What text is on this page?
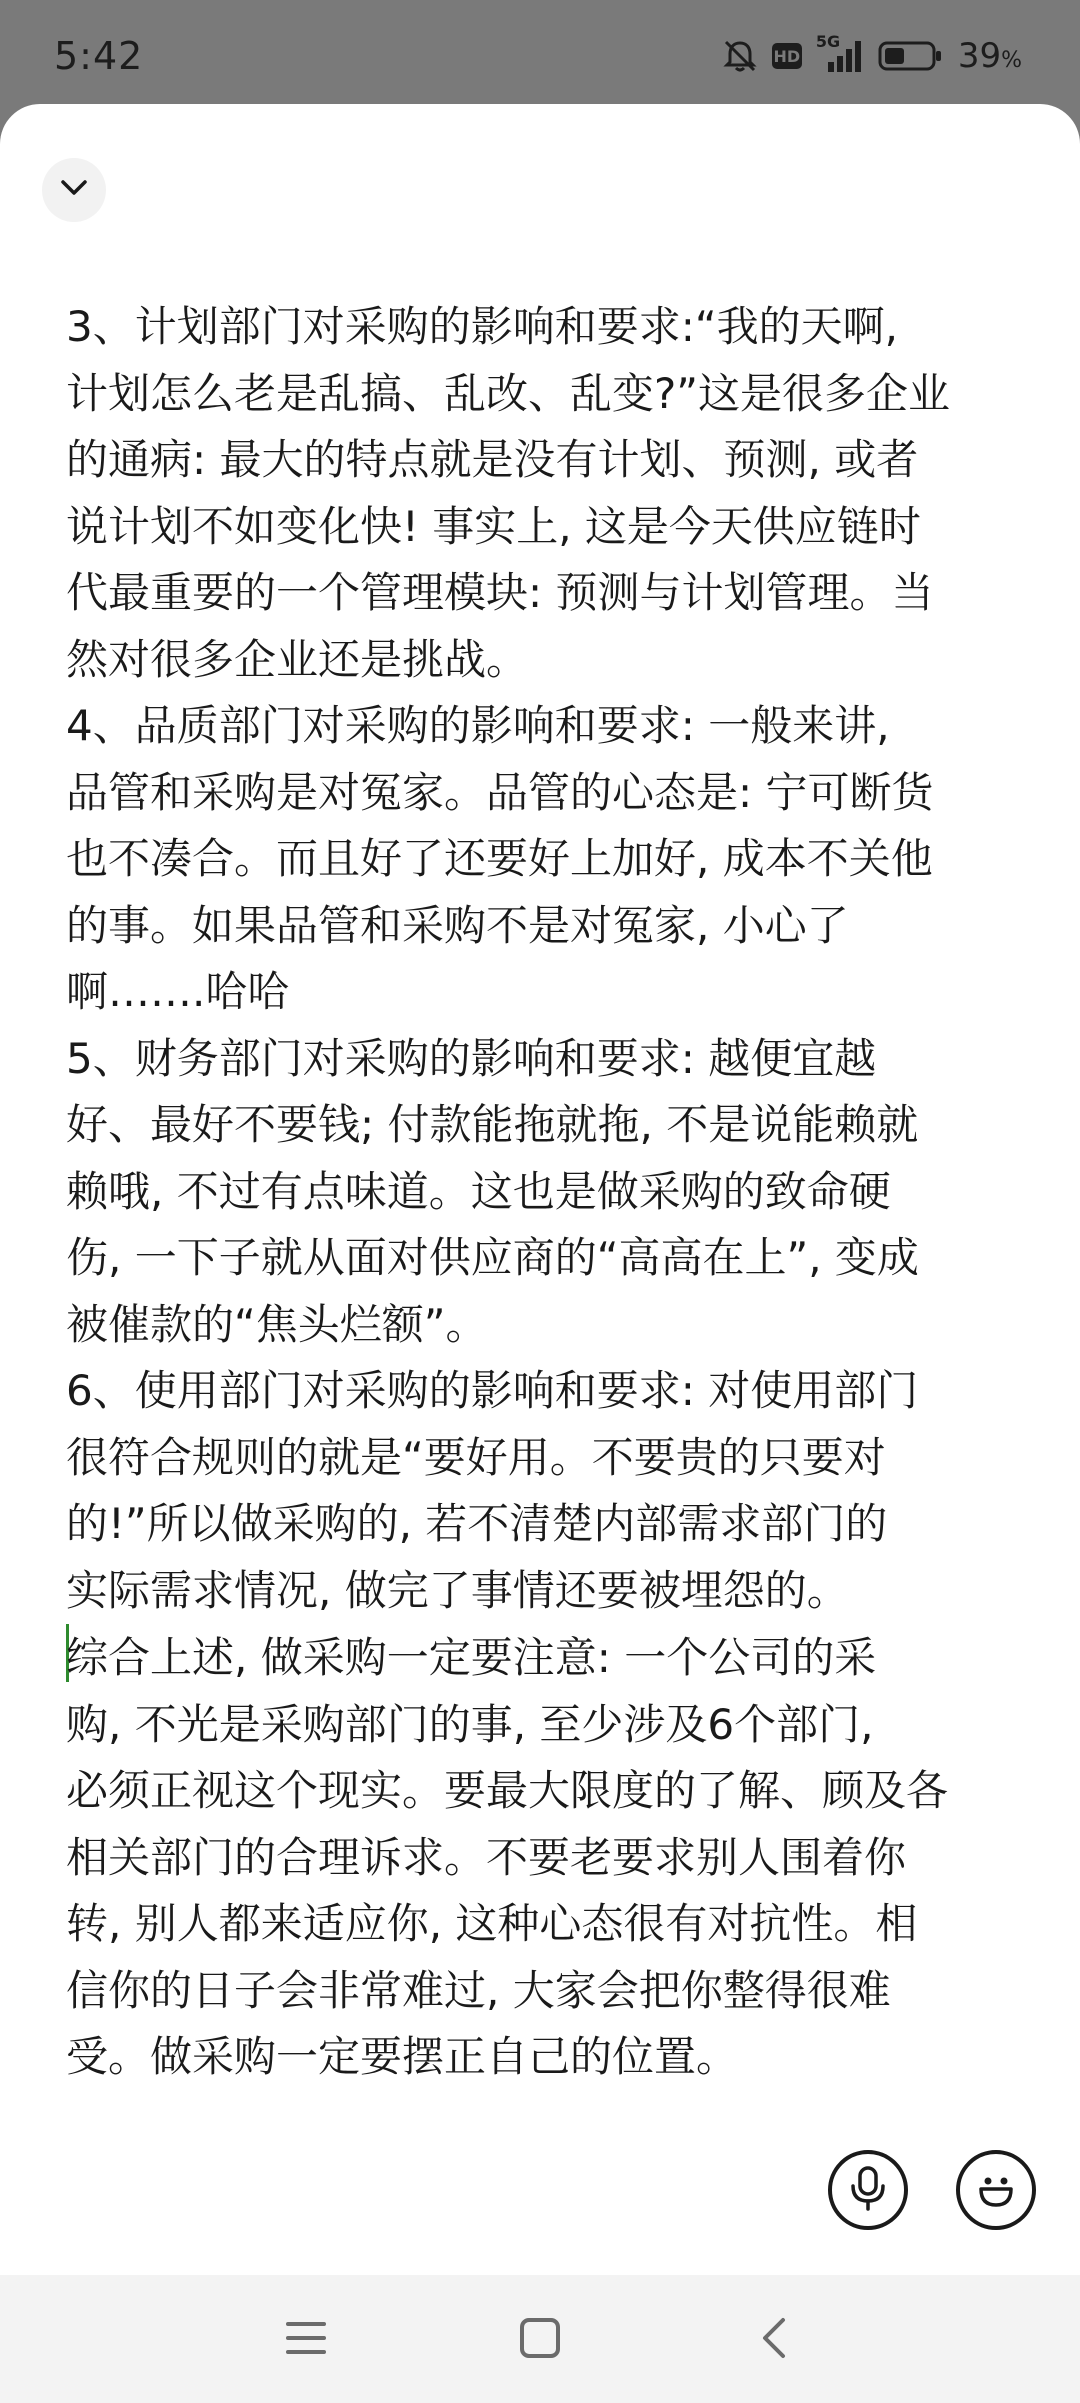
5:42	HD
5G	39%
3、计划部门对采购的影响和要求:“我的天啊,
计划怎么老是乱搞、乱改、乱变?”这是很多企业
的通病: 最大的特点就是没有计划、预测, 或者
说计划不如变化快! 事实上, 这是今天供应链时
代最重要的一个管理模块: 预测与计划管理。当
然对很多企业还是挑战。
4、品质部门对采购的影响和要求: 一般来讲,
品管和采购是对冤家。品管的心态是: 宁可断货
也不凑合。而且好了还要好上加好, 成本不关他
的事。如果品管和采购不是对冤家, 小心了
啊…….哈哈
5、财务部门对采购的影响和要求: 越便宜越
好、最好不要钱; 付款能拖就拖, 不是说能赖就
赖哦, 不过有点味道。这也是做采购的致命硬
伤, 一下子就从面对供应商的“高高在上”, 变成
被催款的“焦头烂额”。
6、使用部门对采购的影响和要求: 对使用部门
很符合规则的就是“要好用。不要贵的只要对
的!”所以做采购的, 若不清楚内部需求部门的
实际需求情况, 做完了事情还要被埋怨的。
综合上述, 做采购一定要注意: 一个公司的采
购, 不光是采购部门的事, 至少涉及6个部门,
必须正视这个现实。要最大限度的了解、顾及各
相关部门的合理诉求。不要老要求别人围着你
转, 别人都来适应你, 这种心态很有对抗性。相
信你的日子会非常难过, 大家会把你整得很难
受。做采购一定要摆正自己的位置。
